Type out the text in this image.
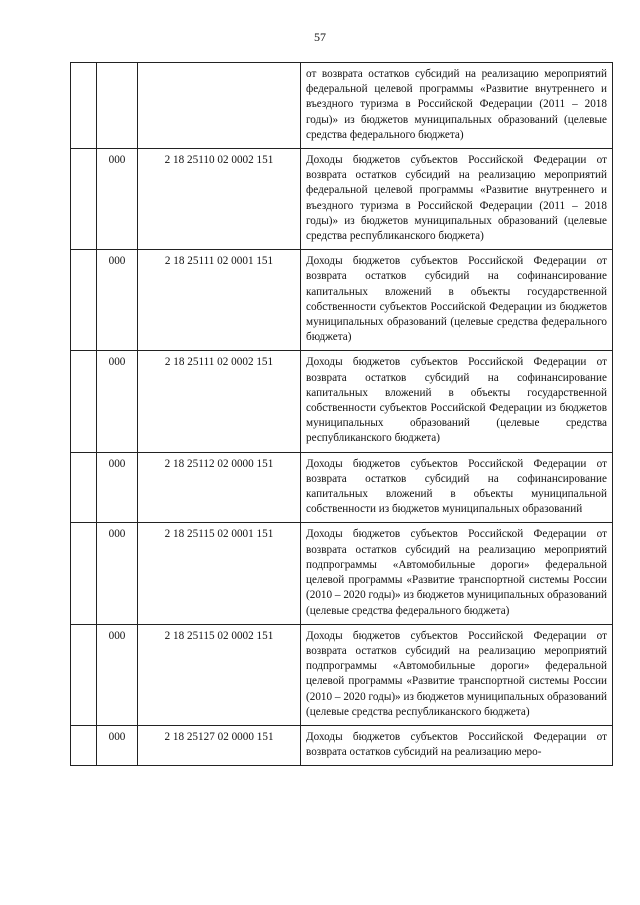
57
			от возврата остатков субсидий на реализацию мероприятий федеральной целевой программы «Развитие внутреннего и въездного туризма в Российской Федерации (2011 – 2018 годы)» из бюджетов муниципальных образований (целевые средства федерального бюджета)
	000	2 18 25110 02 0002 151	Доходы бюджетов субъектов Российской Федерации от возврата остатков субсидий на реализацию мероприятий федеральной целевой программы «Развитие внутреннего и въездного туризма в Российской Федерации (2011 – 2018 годы)» из бюджетов муниципальных образований (целевые средства республиканского бюджета)
	000	2 18 25111 02 0001 151	Доходы бюджетов субъектов Российской Федерации от возврата остатков субсидий на софинансирование капитальных вложений в объекты государственной собственности субъектов Российской Федерации из бюджетов муниципальных образований (целевые средства федерального бюджета)
	000	2 18 25111 02 0002 151	Доходы бюджетов субъектов Российской Федерации от возврата остатков субсидий на софинансирование капитальных вложений в объекты государственной собственности субъектов Российской Федерации из бюджетов муниципальных образований (целевые средства республиканского бюджета)
	000	2 18 25112 02 0000 151	Доходы бюджетов субъектов Российской Федерации от возврата остатков субсидий на софинансирование капитальных вложений в объекты муниципальной собственности из бюджетов муниципальных образований
	000	2 18 25115 02 0001 151	Доходы бюджетов субъектов Российской Федерации от возврата остатков субсидий на реализацию мероприятий подпрограммы «Автомобильные дороги» федеральной целевой программы «Развитие транспортной системы России (2010 – 2020 годы)» из бюджетов муниципальных образований (целевые средства федерального бюджета)
	000	2 18 25115 02 0002 151	Доходы бюджетов субъектов Российской Федерации от возврата остатков субсидий на реализацию мероприятий подпрограммы «Автомобильные дороги» федеральной целевой программы «Развитие транспортной системы России (2010 – 2020 годы)» из бюджетов муниципальных образований (целевые средства республиканского бюджета)
	000	2 18 25127 02 0000 151	Доходы бюджетов субъектов Российской Федерации от возврата остатков субсидий на реализацию меро-
